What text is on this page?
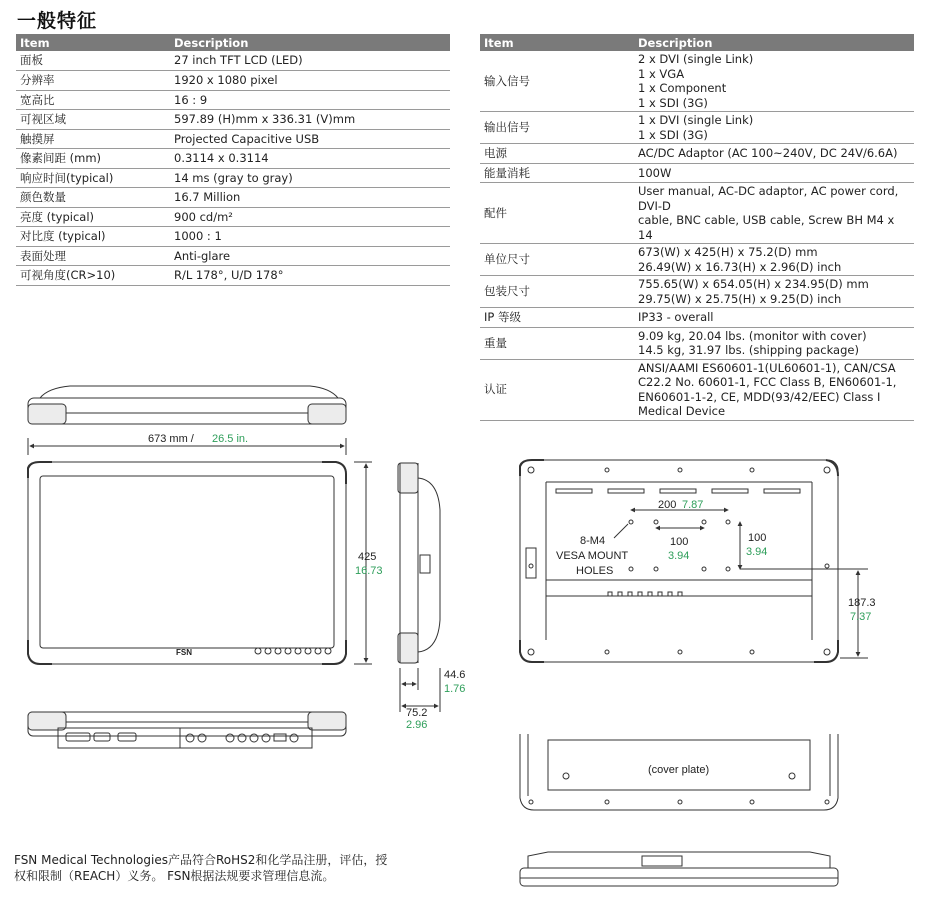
一般特征
Item	Description
面板	27 inch TFT LCD (LED)

分辨率	1920 x 1080 pixel

宽高比	16 : 9

可视区域	597.89 (H)mm x 336.31 (V)mm

触摸屏	Projected Capacitive USB

像素间距 (mm)	0.3114 x 0.3114

响应时间(typical)	14 ms (gray to gray)

颜色数量	16.7 Million

亮度 (typical)	900 cd/m²

对比度 (typical)	1000 : 1

表面处理	Anti-glare

可视角度(CR>10)	R/L 178°, U/D 178°
Item	Description
输入信号	2 x DVI (single Link)
1 x VGA
1 x Component
1 x SDI (3G)

输出信号	1 x DVI (single Link)
1 x SDI (3G)

电源	AC/DC Adaptor (AC 100~240V, DC 24V/6.6A)

能量消耗	100W

配件	User manual, AC-DC adaptor, AC power cord, DVI-D
cable, BNC cable, USB cable, Screw BH M4 x 14

单位尺寸	673(W) x 425(H) x 75.2(D) mm
26.49(W) x 16.73(H) x 2.96(D) inch

包装尺寸	755.65(W) x 654.05(H) x 234.95(D) mm
29.75(W) x 25.75(H) x 9.25(D) inch

IP 等级	IP33 - overall

重量	9.09 kg, 20.04 lbs. (monitor with cover)
14.5 kg, 31.97 lbs. (shipping package)

认证	ANSI/AAMI ES60601-1(UL60601-1), CAN/CSA
C22.2 No. 60601-1, FCC Class B, EN60601-1,
EN60601-1-2, CE, MDD(93/42/EEC) Class I
Medical Device
673 mm / 26.5 in.
FSN
425
16.73
44.6
1.76
75.2
2.96
200 7.87
100
3.94
100
3.94
8-M4
VESA MOUNT
HOLES
187.3
7.37
(cover plate)
FSN Medical Technologies产品符合RoHS2和化学品注册，评估，授
权和限制（REACH）义务。 FSN根据法规要求管理信息流。
